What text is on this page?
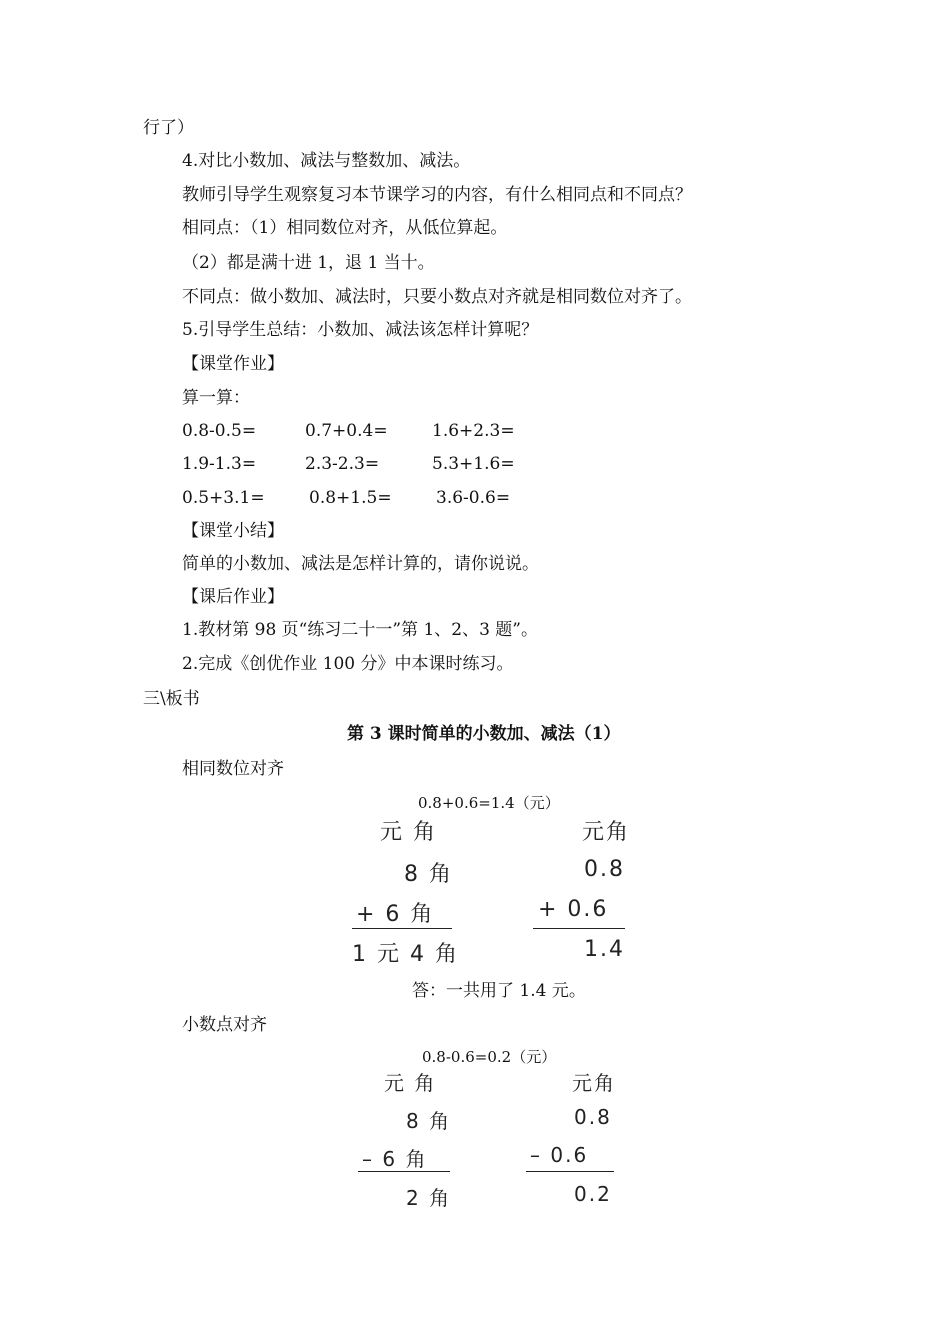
行了）
4.对比小数加、减法与整数加、减法。
教师引导学生观察复习本节课学习的内容，有什么相同点和不同点？
相同点：（1）相同数位对齐，从低位算起。
（2）都是满十进 1，退 1 当十。
不同点：做小数加、减法时，只要小数点对齐就是相同数位对齐了。
5.引导学生总结：小数加、减法该怎样计算呢？
【课堂作业】
算一算：
0.8-0.5=	0.7+0.4=	1.6+2.3=
1.9-1.3=	2.3-2.3=	5.3+1.6=
0.5+3.1=	0.8+1.5=	3.6-0.6=
【课堂小结】
简单的小数加、减法是怎样计算的，请你说说。
【课后作业】
1.教材第 98 页“练习二十一”第 1、2、3 题”。
2.完成《创优作业 100 分》中本课时练习。
三\板书
第 3 课时简单的小数加、减法（1）
相同数位对齐
0.8+0.6=1.4（元）
元 角
8 角
+ 6 角
1 元 4 角
元角
0.8
+ 0.6
1.4
答：一共用了 1.4 元。
小数点对齐
0.8-0.6=0.2（元）
元 角
8 角
– 6 角
2 角
元角
0.8
– 0.6
0.2
